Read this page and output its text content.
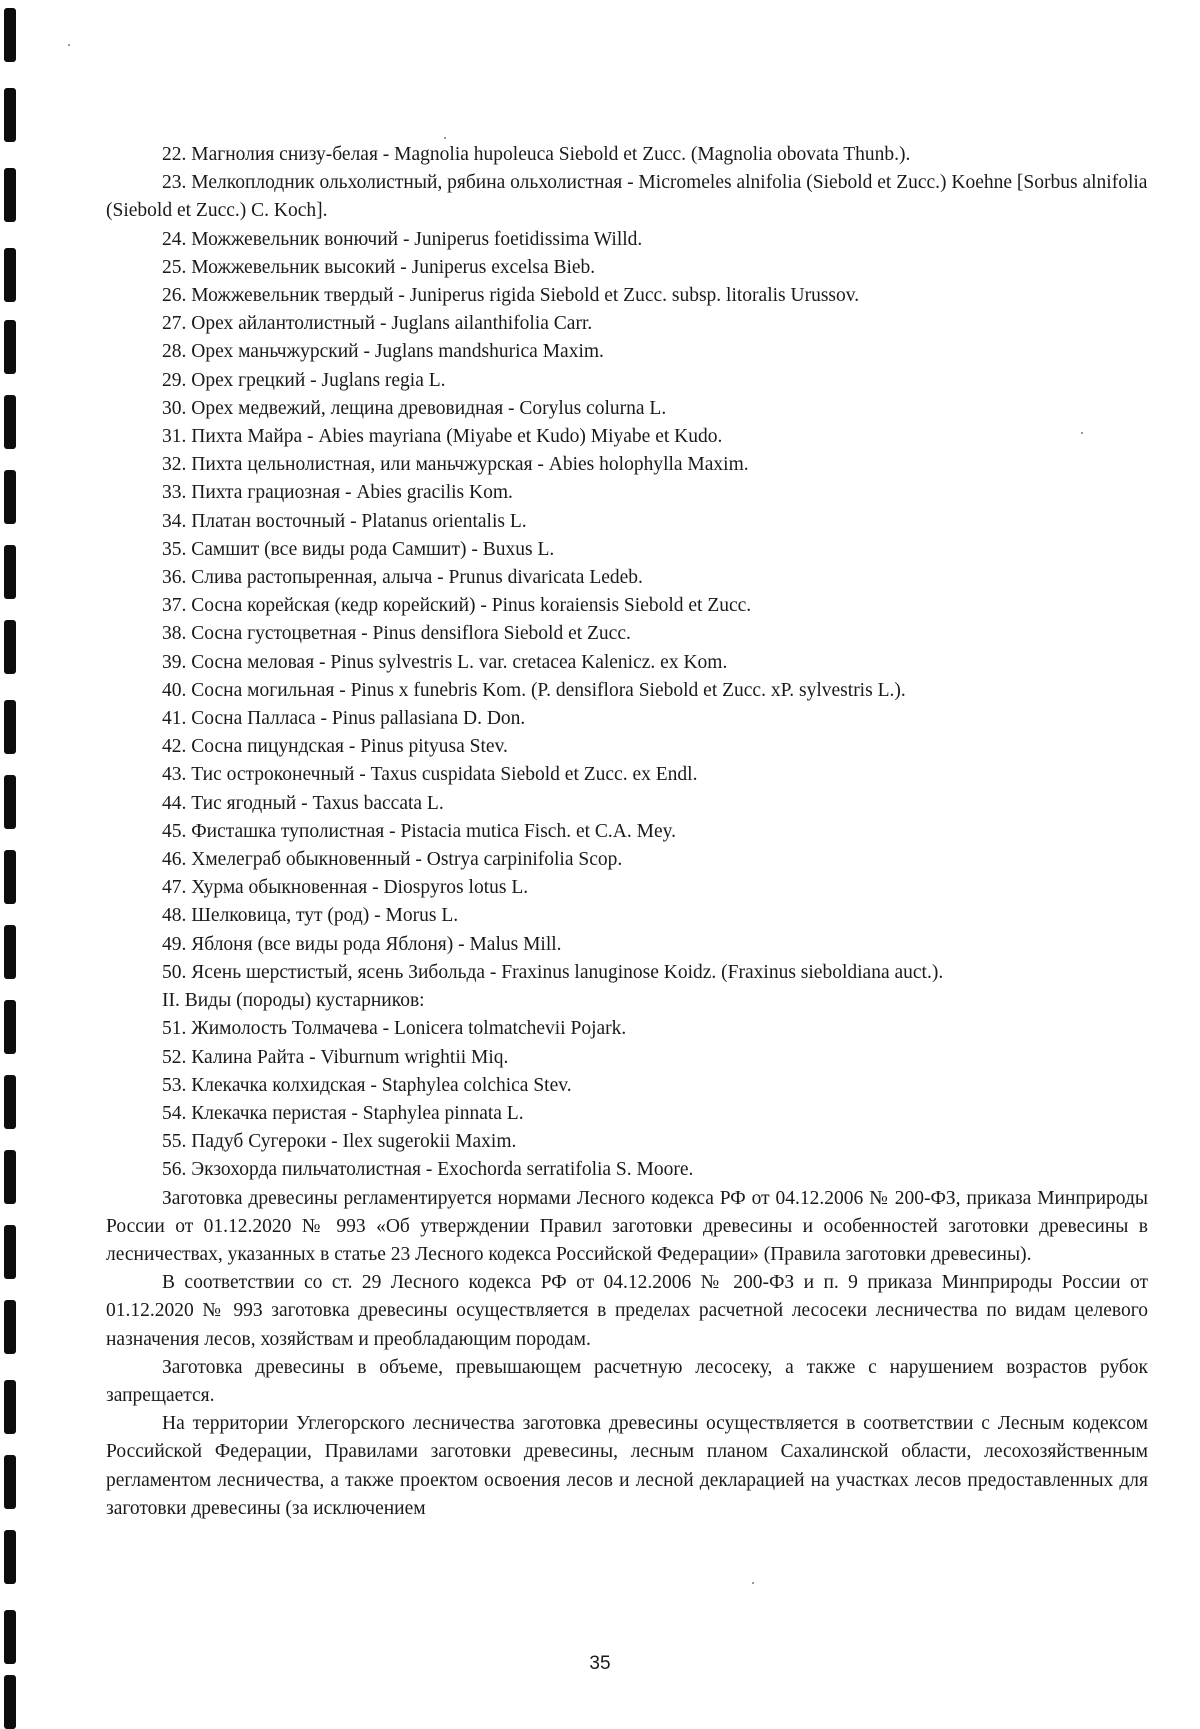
22. Магнолия снизу-белая - Magnolia hupoleuca Siebold et Zucc. (Magnolia obovata Thunb.).

23. Мелкоплодник ольхолистный, рябина ольхолистная - Micromeles alnifolia (Siebold et Zucc.) Koehne [Sorbus alnifolia (Siebold et Zucc.) C. Koch].

24. Можжевельник вонючий - Juniperus foetidissima Willd.

25. Можжевельник высокий - Juniperus excelsa Bieb.

26. Можжевельник твердый - Juniperus rigida Siebold et Zucc. subsp. litoralis Urussov.

27. Орех айлантолистный - Juglans ailanthifolia Carr.

28. Орех маньчжурский - Juglans mandshurica Maxim.

29. Орех грецкий - Juglans regia L.

30. Орех медвежий, лещина древовидная - Corylus colurna L.

31. Пихта Майра - Abies mayriana (Miyabe et Kudo) Miyabe et Kudo.

32. Пихта цельнолистная, или маньчжурская - Abies holophylla Maxim.

33. Пихта грациозная - Abies gracilis Kom.

34. Платан восточный - Platanus orientalis L.

35. Самшит (все виды рода Самшит) - Buxus L.

36. Слива растопыренная, алыча - Prunus divaricata Ledeb.

37. Сосна корейская (кедр корейский) - Pinus koraiensis Siebold et Zucc.

38. Сосна густоцветная - Pinus densiflora Siebold et Zucc.

39. Сосна меловая - Pinus sylvestris L. var. cretacea Kalenicz. ex Kom.

40. Сосна могильная - Pinus x funebris Kom. (P. densiflora Siebold et Zucc. xP. sylvestris L.).

41. Сосна Палласа - Pinus pallasiana D. Don.

42. Сосна пицундская - Pinus pityusa Stev.

43. Тис остроконечный - Taxus cuspidata Siebold et Zucc. ex Endl.

44. Тис ягодный - Taxus baccata L.

45. Фисташка туполистная - Pistacia mutica Fisch. et C.A. Mey.

46. Хмелеграб обыкновенный - Ostrya carpinifolia Scop.

47. Хурма обыкновенная - Diospyros lotus L.

48. Шелковица, тут (род) - Morus L.

49. Яблоня (все виды рода Яблоня) - Malus Mill.

50. Ясень шерстистый, ясень Зибольда - Fraxinus lanuginose Koidz. (Fraxinus sieboldiana auct.).

II. Виды (породы) кустарников:

51. Жимолость Толмачева - Lonicera tolmatchevii Pojark.

52. Калина Райта - Viburnum wrightii Miq.

53. Клекачка колхидская - Staphylea colchica Stev.

54. Клекачка перистая - Staphylea pinnata L.

55. Падуб Сугероки - Ilex sugerokii Maxim.

56. Экзохорда пильчатолистная - Exochorda serratifolia S. Moore.

Заготовка древесины регламентируется нормами Лесного кодекса РФ от 04.12.2006 № 200-ФЗ, приказа Минприроды России от 01.12.2020 № 993 «Об утверждении Правил заготовки древесины и особенностей заготовки древесины в лесничествах, указанных в статье 23 Лесного кодекса Российской Федерации» (Правила заготовки древесины).

В соответствии со ст. 29 Лесного кодекса РФ от 04.12.2006 № 200-ФЗ и п. 9 приказа Минприроды России от 01.12.2020 № 993 заготовка древесины осуществляется в пределах расчетной лесосеки лесничества по видам целевого назначения лесов, хозяйствам и преобладающим породам.

Заготовка древесины в объеме, превышающем расчетную лесосеку, а также с нарушением возрастов рубок запрещается.

На территории Углегорского лесничества заготовка древесины осуществляется в соответствии с Лесным кодексом Российской Федерации, Правилами заготовки древесины, лесным планом Сахалинской области, лесохозяйственным регламентом лесничества, а также проектом освоения лесов и лесной декларацией на участках лесов предоставленных для заготовки древесины (за исключением

35
